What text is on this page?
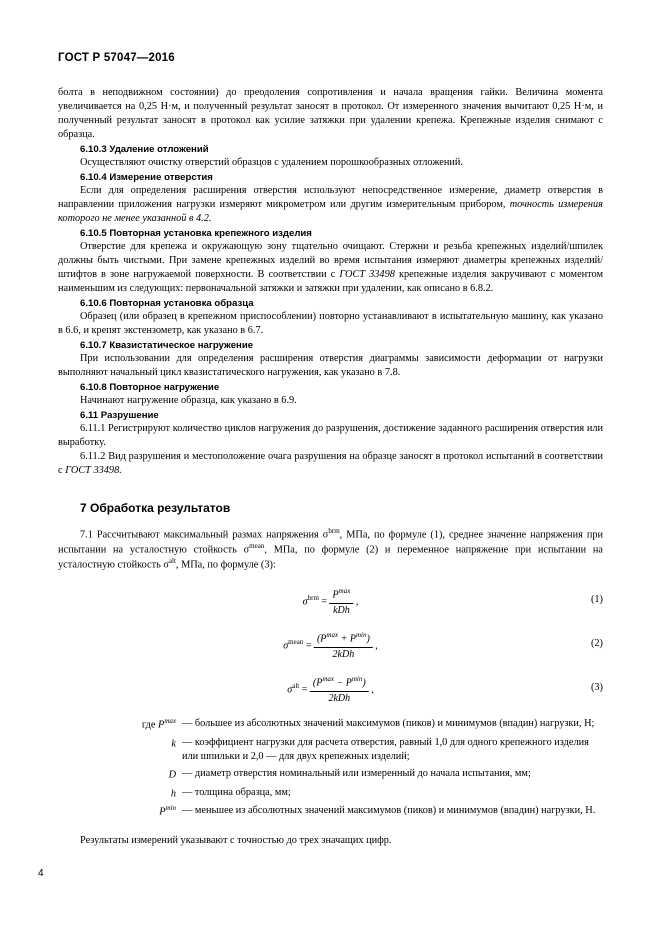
ГОСТ Р 57047—2016

болта в неподвижном состоянии) до преодоления сопротивления и начала вращения гайки. Величина момента увеличивается на 0,25 Н·м, и полученный результат заносят в протокол. От измеренного значения вычитают 0,25 Н·м, и полученный результат заносят в протокол как усилие затяжки при удалении крепежа. Крепежные изделия снимают с образца.

6.10.3 Удаление отложений

Осуществляют очистку отверстий образцов с удалением порошкообразных отложений.

6.10.4 Измерение отверстия

Если для определения расширения отверстия используют непосредственное измерение, диаметр отверстия в направлении приложения нагрузки измеряют микрометром или другим измерительным прибором, точность измерения которого не менее указанной в 4.2.

6.10.5 Повторная установка крепежного изделия

Отверстие для крепежа и окружающую зону тщательно очищают. Стержни и резьба крепежных изделий/шпилек должны быть чистыми. При замене крепежных изделий во время испытания измеряют диаметры крепежных изделий/штифтов в зоне нагружаемой поверхности. В соответствии с ГОСТ 33498 крепежные изделия закручивают с моментом наименьшим из следующих: первоначальной затяжки и затяжки при удалении, как описано в 6.8.2.

6.10.6 Повторная установка образца

Образец (или образец в крепежном приспособлении) повторно устанавливают в испытательную машину, как указано в 6.6, и крепят экстензометр, как указано в 6.7.

6.10.7 Квазистатическое нагружение

При использовании для определения расширения отверстия диаграммы зависимости деформации от нагрузки выполняют начальный цикл квазистатического нагружения, как указано в 7.8.

6.10.8 Повторное нагружение

Начинают нагружение образца, как указано в 6.9.

6.11 Разрушение

6.11.1 Регистрируют количество циклов нагружения до разрушения, достижение заданного расширения отверстия или выработку.

6.11.2 Вид разрушения и местоположение очага разрушения на образце заносят в протокол испытаний в соответствии с ГОСТ 33498.

7 Обработка результатов

7.1 Рассчитывают максимальный размах напряжения $\sigma^{brm}$, МПа, по формуле (1), среднее значение напряжения при испытании на усталостную стойкость $\sigma^{mean}$, МПа, по формуле (2) и переменное напряжение при испытании на усталостную стойкость $\sigma^{alt}$, МПа, по формуле (3):

$\sigma^{brm} = \frac{P^{max}}{\text{kDh}}$ ,	(1)
$\sigma^{mean} = \frac{(P^{max} + P^{min})}{\text{2kDh}}$ ,	(2)
$\sigma^{alt} = \frac{(P^{max} - P^{min})}{\text{2kDh}}$ ,	(3)
где $P^{max}$ — большее из абсолютных значений максимумов (пиков) и минимумов (впадин) нагрузки, Н;
k — коэффициент нагрузки для расчета отверстия, равный 1,0 для одного крепежного изделия или шпильки и 2,0 — для двух крепежных изделий;
D — диаметр отверстия номинальный или измеренный до начала испытания, мм;
h — толщина образца, мм;
$P^{min}$ — меньшее из абсолютных значений максимумов (пиков) и минимумов (впадин) нагрузки, Н.

Результаты измерений указывают с точностью до трех значащих цифр.

4
